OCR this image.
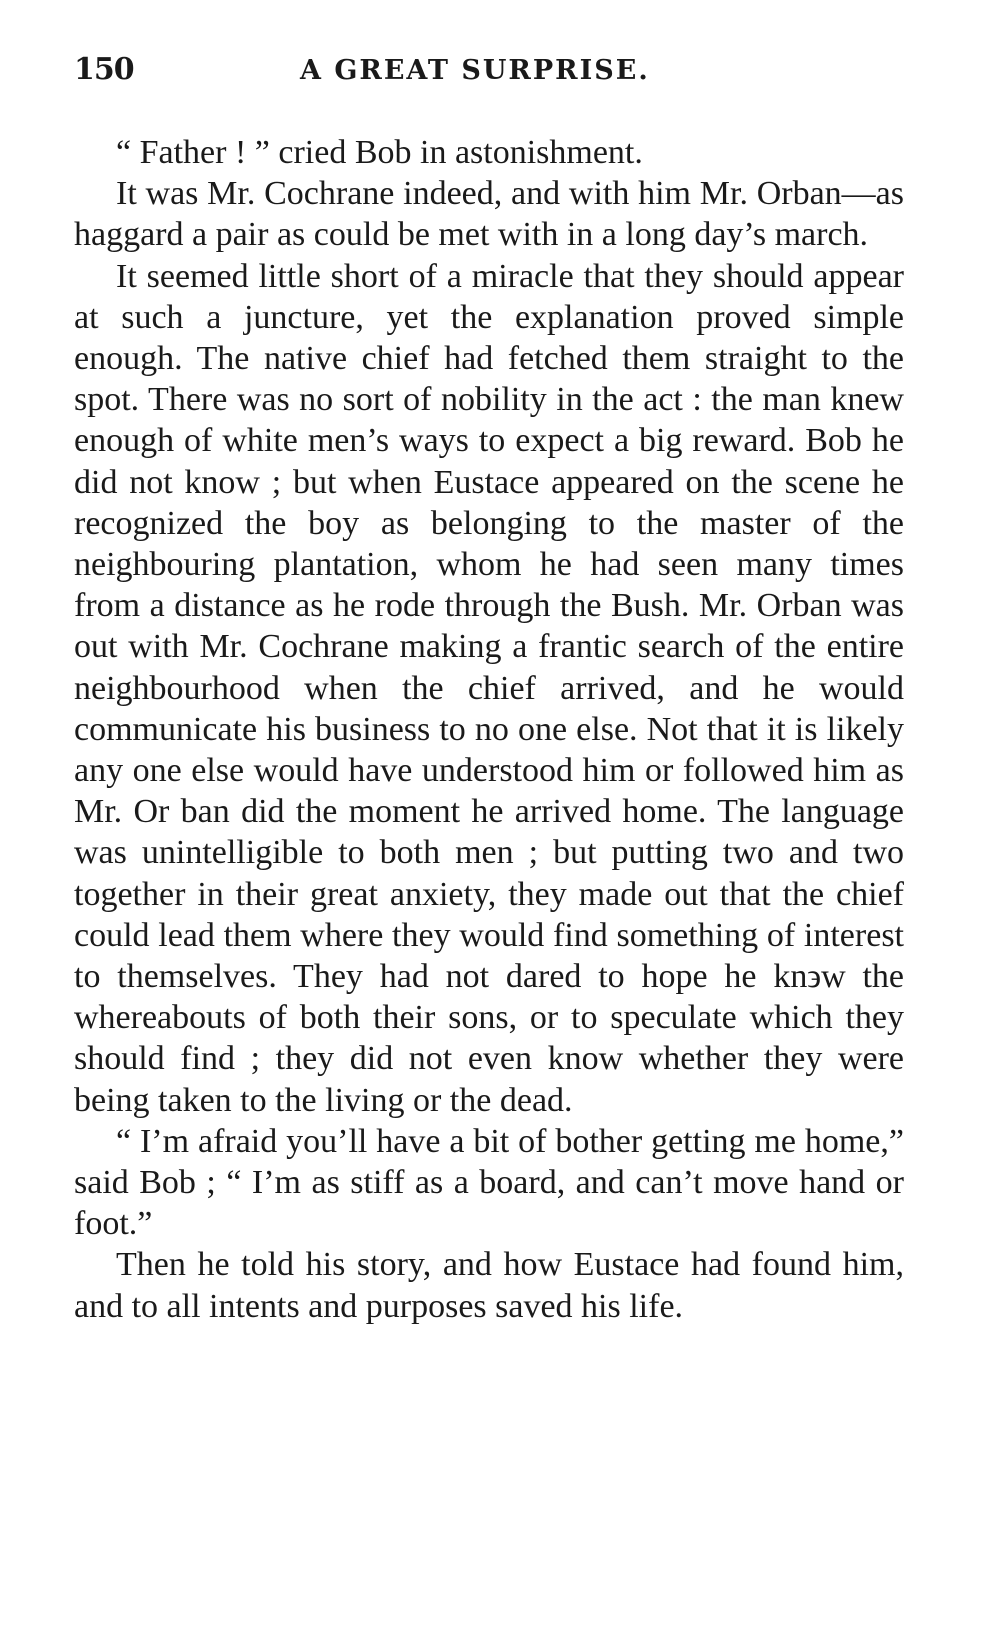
150	A GREAT SURPRISE.

“ Father ! ” cried Bob in astonishment.

It was Mr. Cochrane indeed, and with him Mr. Orban—as haggard a pair as could be met with in a long day’s march.

It seemed little short of a miracle that they should appear at such a juncture, yet the explanation proved simple enough. The native chief had fetched them straight to the spot. There was no sort of nobility in the act : the man knew enough of white men’s ways to expect a big reward. Bob he did not know ; but when Eustace appeared on the scene he recognized the boy as belonging to the master of the neighbouring plantation, whom he had seen many times from a distance as he rode through the Bush. Mr. Orban was out with Mr. Cochrane making a frantic search of the entire neighbourhood when the chief arrived, and he would communicate his business to no one else. Not that it is likely any one else would have understood him or followed him as Mr. Or ban did the moment he arrived home. The language was unintelligible to both men ; but putting two and two together in their great anxiety, they made out that the chief could lead them where they would find something of interest to themselves. They had not dared to hope he kn϶w the whereabouts of both their sons, or to speculate which they should find ; they did not even know whether they were being taken to the living or the dead.

“ I’m afraid you’ll have a bit of bother getting me home,” said Bob ; “ I’m as stiff as a board, and can’t move hand or foot.”

Then he told his story, and how Eustace had found him, and to all intents and purposes saved his life.
